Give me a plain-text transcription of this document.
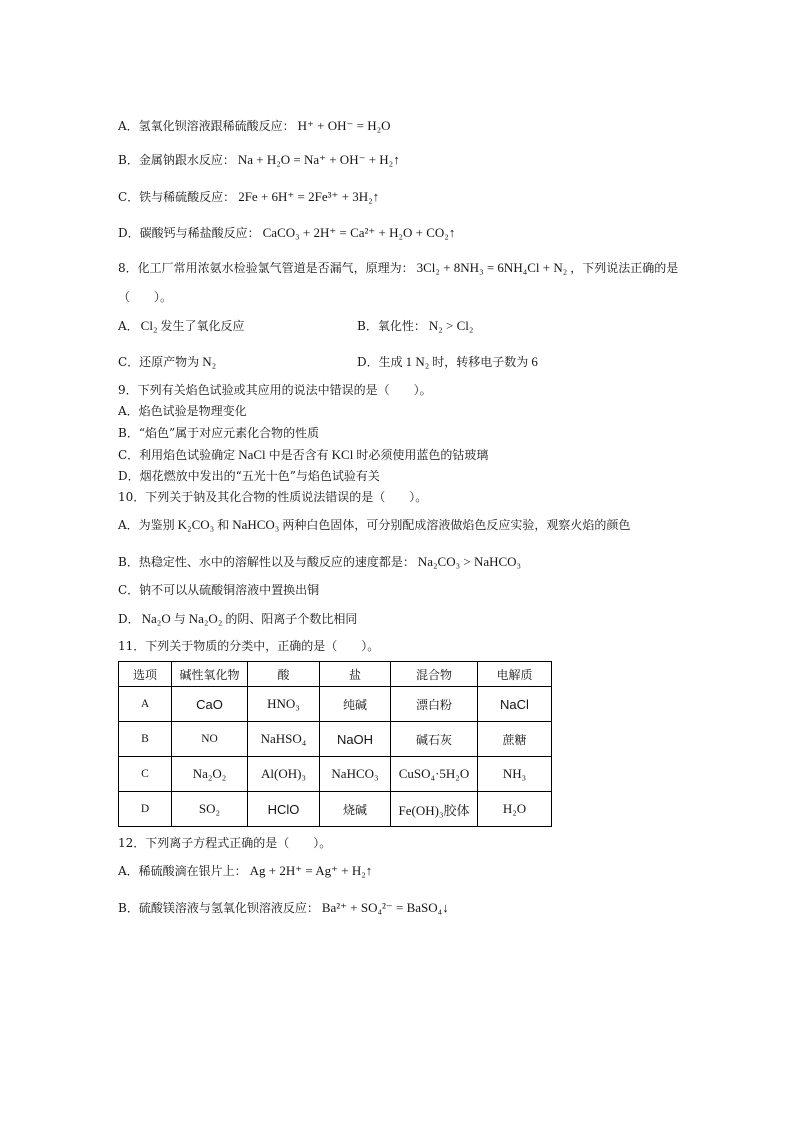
A．氢氧化钡溶液跟稀硫酸反应： H⁺ + OH⁻ = H₂O
B．金属钠跟水反应： Na + H₂O = Na⁺ + OH⁻ + H₂↑
C．铁与稀硫酸反应： 2Fe + 6H⁺ = 2Fe³⁺ + 3H₂↑
D．碳酸钙与稀盐酸反应： CaCO₃ + 2H⁺ = Ca²⁺ + H₂O + CO₂↑
8．化工厂常用浓氨水检验氯气管道是否漏气，原理为： 3Cl₂ + 8NH₃ = 6NH₄Cl + N₂ ，下列说法正确的是
（　　）。
A． Cl₂ 发生了氧化反应	B．氧化性： N₂ > Cl₂
C．还原产物为 N₂	D．生成 1 N₂ 时，转移电子数为 6
9．下列有关焰色试验或其应用的说法中错误的是（　　）。
A．焰色试验是物理变化
B．“焰色”属于对应元素化合物的性质
C．利用焰色试验确定 NaCl 中是否含有 KCl 时必须使用蓝色的钴玻璃
D．烟花燃放中发出的“五光十色”与焰色试验有关
10．下列关于钠及其化合物的性质说法错误的是（　　）。
A．为鉴别 K₂CO₃ 和 NaHCO₃ 两种白色固体，可分别配成溶液做焰色反应实验，观察火焰的颜色
B．热稳定性、水中的溶解性以及与酸反应的速度都是： Na₂CO₃ > NaHCO₃
C．钠不可以从硫酸铜溶液中置换出铜
D． Na₂O 与 Na₂O₂ 的阴、阳离子个数比相同
11．下列关于物质的分类中，正确的是（　　）。
选项	碱性氧化物	酸	盐	混合物	电解质
A	CaO	HNO₃	纯碱	漂白粉	NaCl
B	NO	NaHSO₄	NaOH	碱石灰	蔗糖
C	Na₂O₂	Al(OH)₃	NaHCO₃	CuSO₄·5H₂O	NH₃
D	SO₂	HClO	烧碱	Fe(OH)₃胶体	H₂O
12．下列离子方程式正确的是（　　）。
A．稀硫酸滴在银片上： Ag + 2H⁺ = Ag⁺ + H₂↑
B．硫酸镁溶液与氢氧化钡溶液反应： Ba²⁺ + SO₄²⁻ = BaSO₄↓
